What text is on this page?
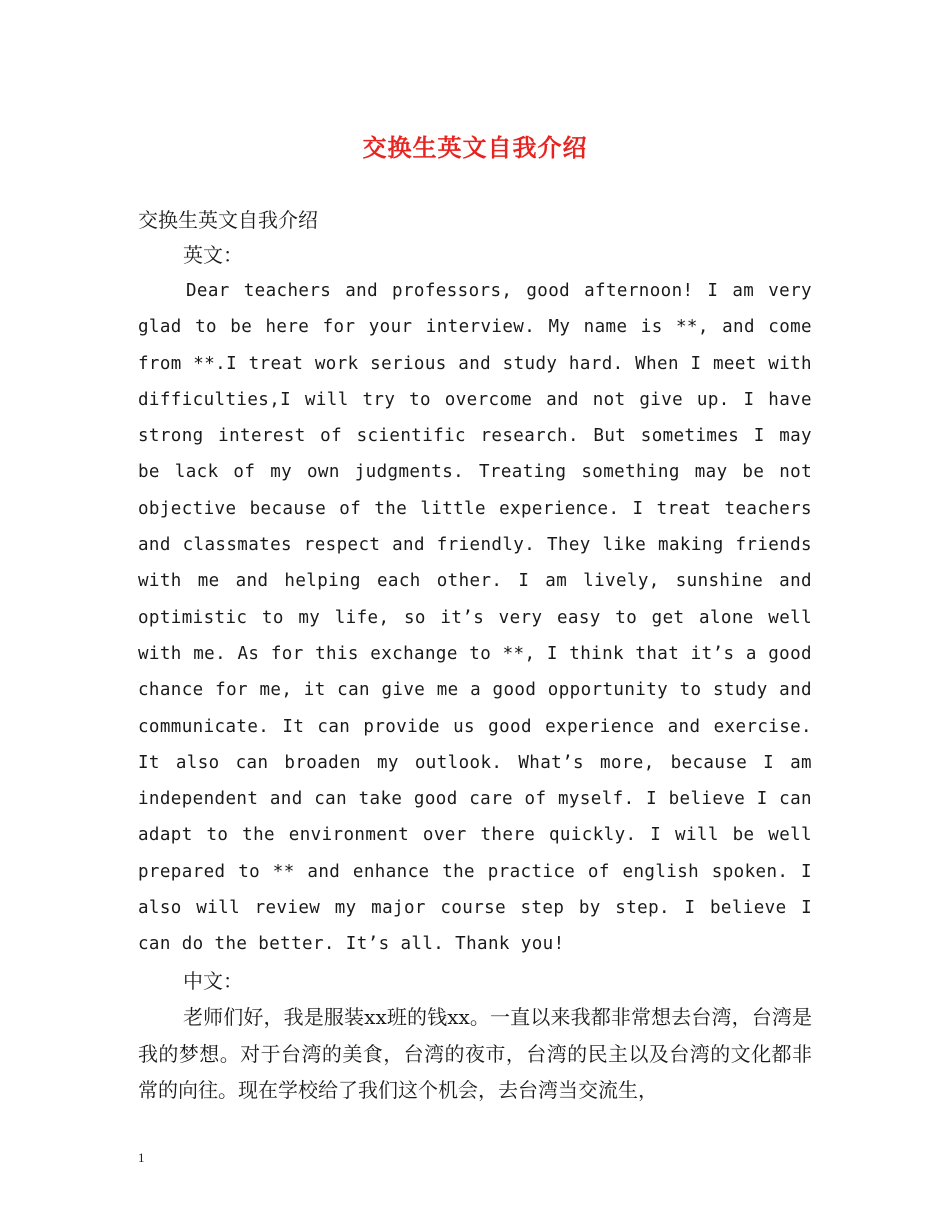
交换生英文自我介绍
交换生英文自我介绍
英文：

Dear teachers and professors, good afternoon! I am very glad to be here for your interview. My name is **, and come from **.I treat work serious and study hard. When I meet with difficulties,I will try to overcome and not give up. I have strong interest of scientific research. But sometimes I may be lack of my own judgments. Treating something may be not objective because of the little experience. I treat teachers and classmates respect and friendly. They like making friends with me and helping each other. I am lively, sunshine and optimistic to my life, so it’s very easy to get alone well with me. As for this exchange to **, I think that it’s a good chance for me, it can give me a good opportunity to study and communicate. It can provide us good experience and exercise. It also can broaden my outlook. What’s more, because I am independent and can take good care of myself. I believe I can adapt to the environment over there quickly. I will be well prepared to ** and enhance the practice of english spoken. I also will review my major course step by step. I believe I can do the better. It’s all. Thank you!

中文：

老师们好，我是服装xx班的钱xx。一直以来我都非常想去台湾，台湾是我的梦想。对于台湾的美食，台湾的夜市，台湾的民主以及台湾的文化都非常的向往。现在学校给了我们这个机会，去台湾当交流生，

1
